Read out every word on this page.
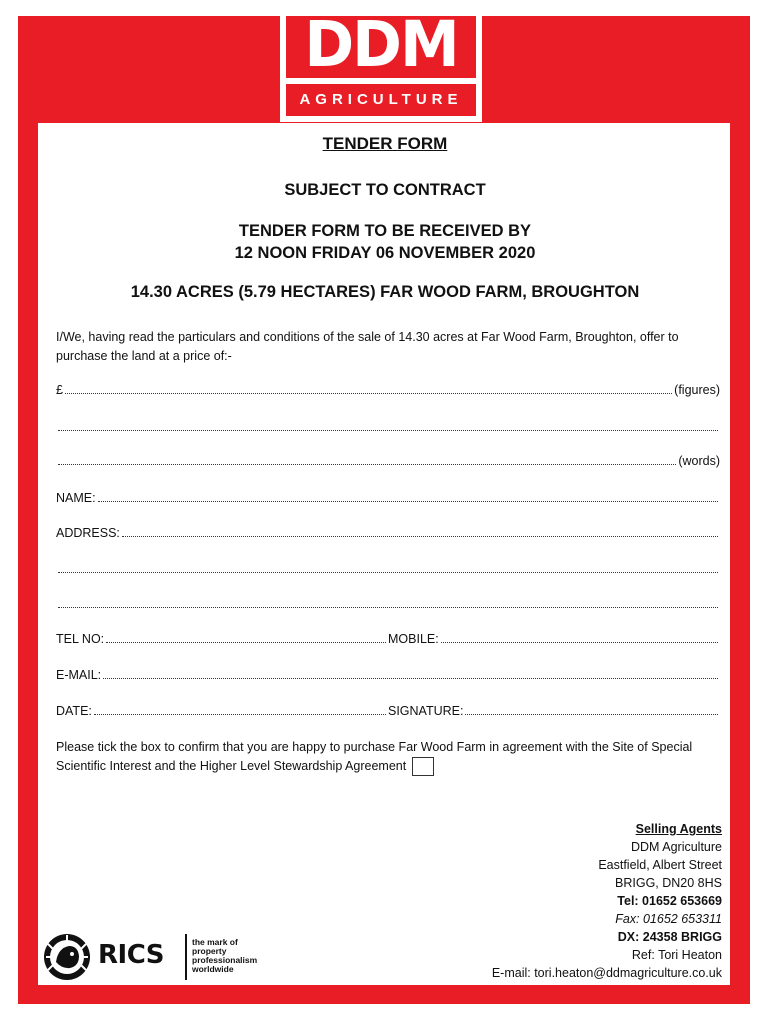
DDM
AGRICULTURE
TENDER FORM
SUBJECT TO CONTRACT
TENDER FORM TO BE RECEIVED BY
12 NOON FRIDAY 06 NOVEMBER 2020
14.30 ACRES (5.79 HECTARES) FAR WOOD FARM, BROUGHTON
I/We, having read the particulars and conditions of the sale of 14.30 acres at Far Wood Farm, Broughton, offer to purchase the land at a price of:-
£	(figures)
(words)
NAME:
ADDRESS:
TEL NO:	MOBILE:
E-MAIL:
DATE:	SIGNATURE:
Please tick the box to confirm that you are happy to purchase Far Wood Farm in agreement with the Site of Special Scientific Interest and the Higher Level Stewardship Agreement
Selling Agents
DDM Agriculture
Eastfield, Albert Street
BRIGG, DN20 8HS
Tel: 01652 653669
Fax: 01652 653311
DX: 24358 BRIGG
Ref: Tori Heaton
E-mail: tori.heaton@ddmagriculture.co.uk
RICS	the mark of
property
professionalism
worldwide
